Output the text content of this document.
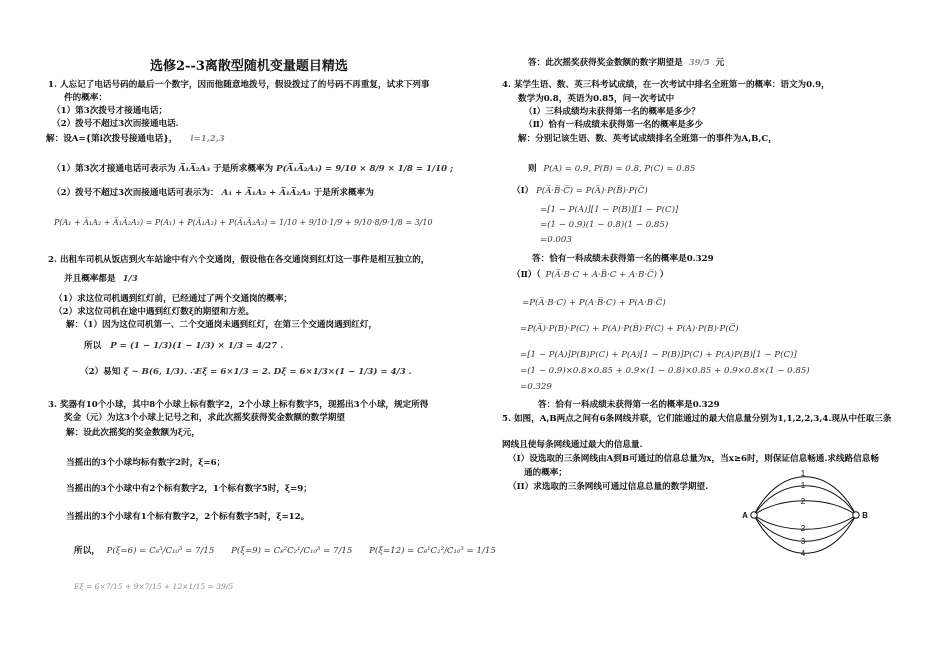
选修2--3离散型随机变量题目精选
1. 人忘记了电话号码的最后一个数字，因而他随意地拨号，假设拨过了的号码不再重复，试求下列事
件的概率：
（1）第3次拨号才接通电话；
（2）拨号不超过3次而接通电话.
解：设A={第i次拨号接通电话}， i=1,2,3
（1）第3次才接通电话可表示为 A̅₁A̅₂A₃ 于是所求概率为 P(A̅₁A̅₂A₃) = 9/10 × 8/9 × 1/8 = 1/10 ;
（2）拨号不超过3次而接通电话可表示为： A₁ + A̅₁A₂ + A̅₁A̅₂A₃ 于是所求概率为
P(A₁ + A̅₁A₂ + A̅₁A̅₂A₃) = P(A₁) + P(A̅₁A₂) + P(A̅₁A̅₂A₃) = 1/10 + 9/10·1/9 + 9/10·8/9·1/8 = 3/10
2. 出租车司机从饭店到火车站途中有六个交通岗，假设他在各交通岗到红灯这一事件是相互独立的，
并且概率都是 1/3
（1）求这位司机遇到红灯前，已经通过了两个交通岗的概率；
（2）求这位司机在途中遇到红灯数ξ的期望和方差。
解：（1）因为这位司机第一、二个交通岗未遇到红灯，在第三个交通岗遇到红灯，
所以 P = (1 − 1/3)(1 − 1/3) × 1/3 = 4/27 .
（2）易知 ξ ~ B(6, 1/3). ∴Eξ = 6×1/3 = 2. Dξ = 6×1/3×(1 − 1/3) = 4/3 .
3. 奖器有10个小球，其中8个小球上标有数字2，2个小球上标有数字5，现摇出3个小球，规定所得
奖金（元）为这3个小球上记号之和，求此次摇奖获得奖金数额的数学期望
解：设此次摇奖的奖金数额为ξ元，
当摇出的3个小球均标有数字2时，ξ=6；
当摇出的3个小球中有2个标有数字2，1个标有数字5时，ξ=9；
当摇出的3个小球有1个标有数字2，2个标有数字5时，ξ=12。
所以， P(ξ=6) = C₈³/C₁₀³ = 7/15 P(ξ=9) = C₈²C₂¹/C₁₀³ = 7/15 P(ξ=12) = C₈¹C₂²/C₁₀³ = 1/15
Eξ = 6×7/15 + 9×7/15 + 12×1/15 = 39/5
答：此次摇奖获得奖金数额的数字期望是 39/5 元
4. 某学生语、数、英三科考试成绩，在一次考试中排名全班第一的概率：语文为0.9，
数学为0.8，英语为0.85，问一次考试中
（Ⅰ）三科成绩均未获得第一名的概率是多少？
（Ⅱ）恰有一科成绩未获得第一名的概率是多少
解：分别记该生语、数、英考试成绩排名全班第一的事件为A,B,C，
则 P(A) = 0.9, P(B) = 0.8, P(C) = 0.85
（Ⅰ） P(A̅·B̅·C̅) = P(A̅)·P(B̅)·P(C̅)
=[1 − P(A)][1 − P(B)][1 − P(C)]
=(1 − 0.9)(1 − 0.8)(1 − 0.85)
=0.003
答：恰有一科成绩未获得第一名的概率是0.329
（Ⅱ）（ P(A̅·B·C + A·B̅·C + A·B·C̅) ）
=P(A̅·B·C) + P(A·B̅·C) + P(A·B·C̅)
=P(A̅)·P(B)·P(C) + P(A)·P(B̅)·P(C) + P(A)·P(B)·P(C̅)
=[1 − P(A)]P(B)P(C) + P(A)[1 − P(B)]P(C) + P(A)P(B)[1 − P(C)]
=(1 − 0.9)×0.8×0.85 + 0.9×(1 − 0.8)×0.85 + 0.9×0.8×(1 − 0.85)
=0.329
答：恰有一科成绩未获得第一名的概率是0.329
5. 如图，A,B两点之间有6条网线并联，它们能通过的最大信息量分别为1,1,2,2,3,4.现从中任取三条
网线且使每条网线通过最大的信息量.
（I）设选取的三条网线由A到B可通过的信息总量为x，当x≥6时，则保证信息畅通.求线路信息畅
通的概率；
（II）求选取的三条网线可通过信息总量的数学期望.
1
1
2
2
3
4
A	B
